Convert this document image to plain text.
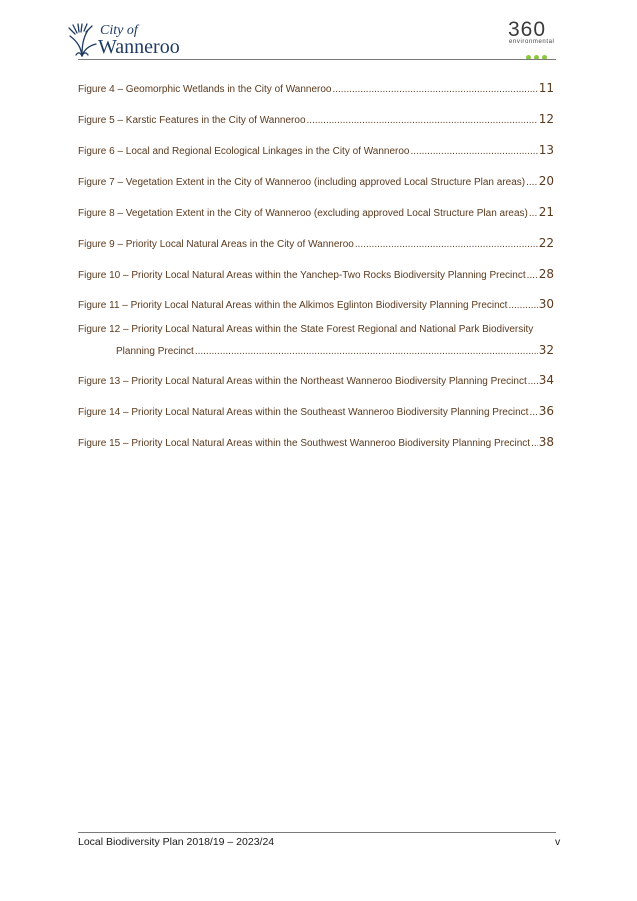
City of
Wanneroo
360
environmental
Figure 4 – Geomorphic Wetlands in the City of Wanneroo .....	11
Figure 5 – Karstic Features in the City of Wanneroo .....	12
Figure 6 – Local and Regional Ecological Linkages in the City of Wanneroo .....	13
Figure 7 – Vegetation Extent in the City of Wanneroo (including approved Local Structure Plan areas) ..... 20
Figure 8 – Vegetation Extent in the City of Wanneroo (excluding approved Local Structure Plan areas) ..... 21
Figure 9 – Priority Local Natural Areas in the City of Wanneroo .....	22
Figure 10 – Priority Local Natural Areas within the Yanchep-Two Rocks Biodiversity Planning Precinct ..... 28
Figure 11 – Priority Local Natural Areas within the Alkimos Eglinton Biodiversity Planning Precinct .....	30
Figure 12 – Priority Local Natural Areas within the State Forest Regional and National Park Biodiversity
Planning Precinct .....	32
Figure 13 – Priority Local Natural Areas within the Northeast Wanneroo Biodiversity Planning Precinct ..... 34
Figure 14 – Priority Local Natural Areas within the Southeast Wanneroo Biodiversity Planning Precinct ..... 36
Figure 15 – Priority Local Natural Areas within the Southwest Wanneroo Biodiversity Planning Precinct ..... 38
Local Biodiversity Plan 2018/19 – 2023/24	v
